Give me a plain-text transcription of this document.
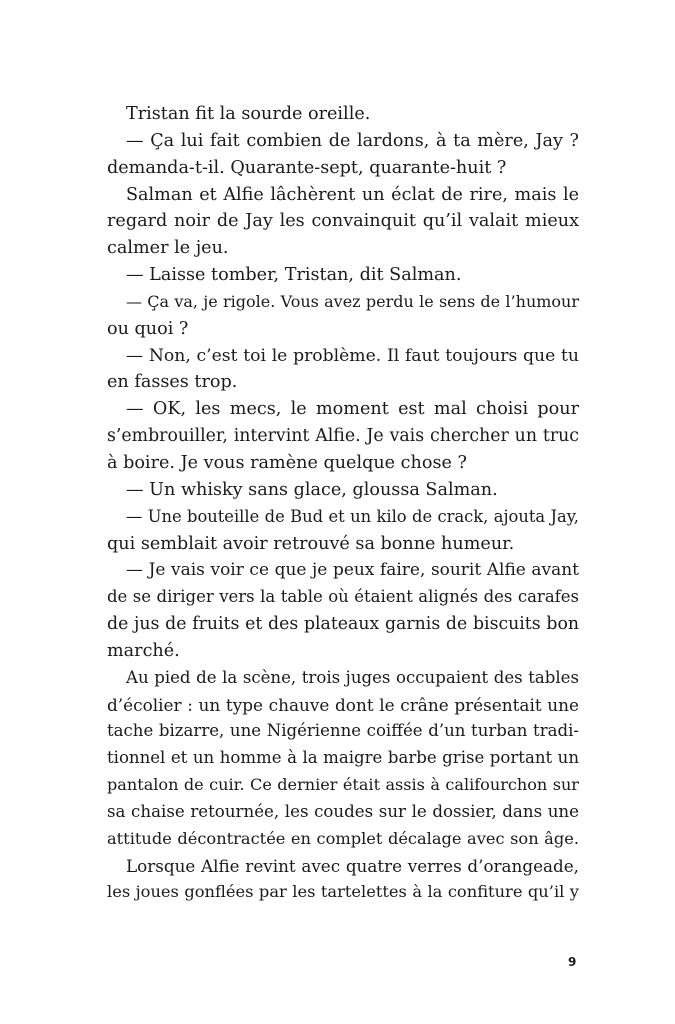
Tristan fit la sourde oreille.
— Ça lui fait combien de lardons, à ta mère, Jay ?
demanda-t-il. Quarante-sept, quarante-huit ?
Salman et Alfie lâchèrent un éclat de rire, mais le
regard noir de Jay les convainquit qu’il valait mieux
calmer le jeu.
— Laisse tomber, Tristan, dit Salman.
— Ça va, je rigole. Vous avez perdu le sens de l’humour
ou quoi ?
— Non, c’est toi le problème. Il faut toujours que tu
en fasses trop.
— OK, les mecs, le moment est mal choisi pour
s’embrouiller, intervint Alfie. Je vais chercher un truc
à boire. Je vous ramène quelque chose ?
— Un whisky sans glace, gloussa Salman.
— Une bouteille de Bud et un kilo de crack, ajouta Jay,
qui semblait avoir retrouvé sa bonne humeur.
— Je vais voir ce que je peux faire, sourit Alfie avant
de se diriger vers la table où étaient alignés des carafes
de jus de fruits et des plateaux garnis de biscuits bon
marché.
Au pied de la scène, trois juges occupaient des tables
d’écolier : un type chauve dont le crâne présentait une
tache bizarre, une Nigérienne coiffée d’un turban tradi-
tionnel et un homme à la maigre barbe grise portant un
pantalon de cuir. Ce dernier était assis à califourchon sur
sa chaise retournée, les coudes sur le dossier, dans une
attitude décontractée en complet décalage avec son âge.
Lorsque Alfie revint avec quatre verres d’orangeade,
les joues gonflées par les tartelettes à la confiture qu’il y
9
